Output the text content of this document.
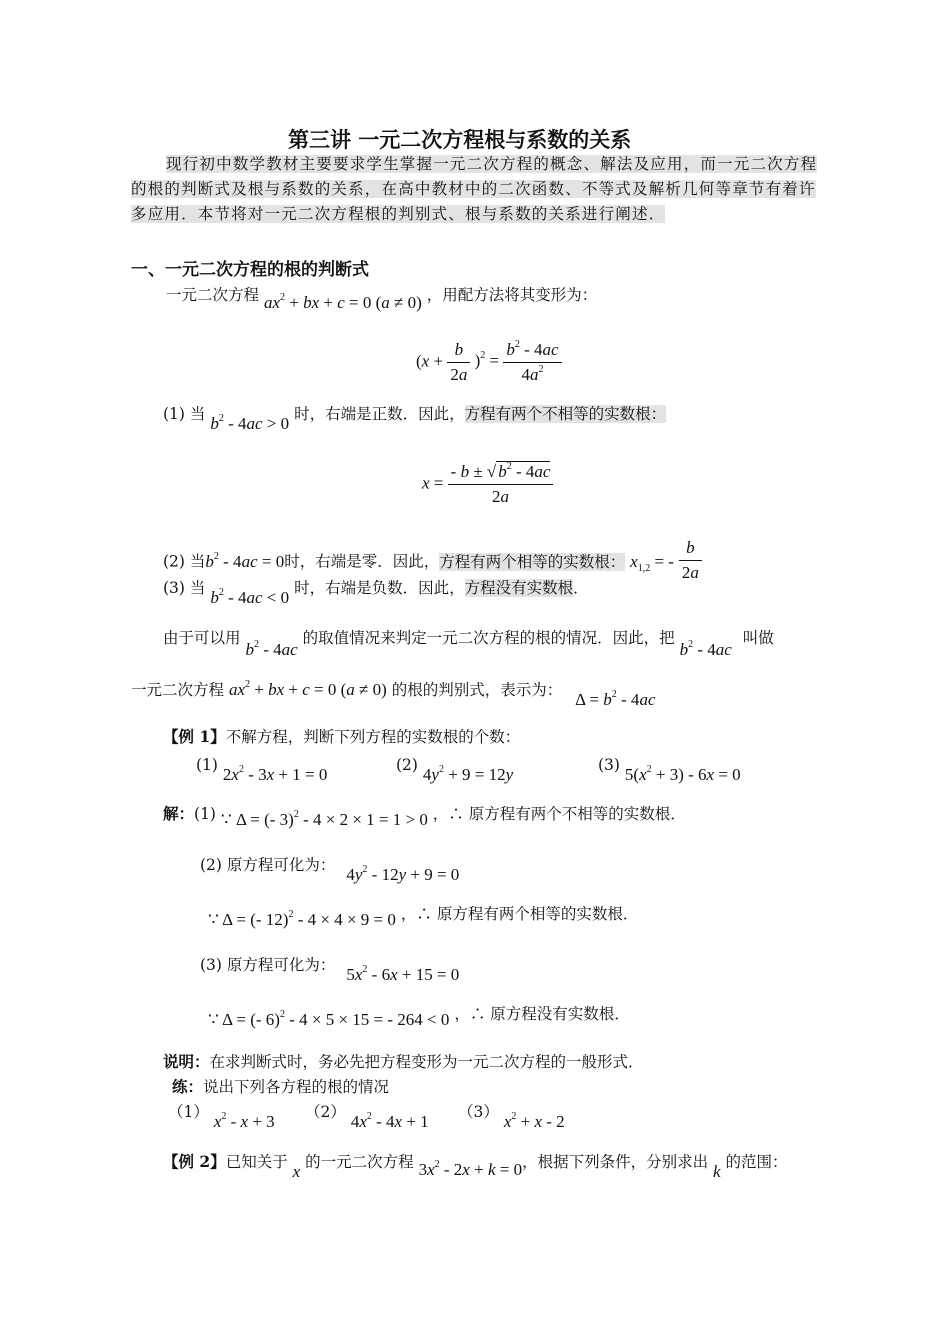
第三讲 一元二次方程根与系数的关系
现行初中数学教材主要要求学生掌握一元二次方程的概念、解法及应用，而一元二次方程
的根的判断式及根与系数的关系，在高中教材中的二次函数、不等式及解析几何等章节有着许
多应用．本节将对一元二次方程根的判别式、根与系数的关系进行阐述．
一、一元二次方程的根的判断式
一元二次方程 $ax^2$ + bx + c = 0 (a ≠ 0) ，用配方法将其变形为：
$(x + \frac{b}{2a} )^2 = \frac{b^2 - 4ac}{4a^2}$
(1) 当 $b^2 - 4ac > 0$ 时，右端是正数．因此，方程有两个不相等的实数根：
$x = \frac{- b \pm √ b^2 - 4ac}{2a}$
(2) 当$b^2 - 4ac = 0$时，右端是零．因此，方程有两个相等的实数根： $x_{1,2}$ = - $\frac{b}{2a}$
(3) 当 $b^2 - 4ac < 0$ 时，右端是负数．因此，方程没有实数根．
由于可以用 $b^2 - 4ac$ 的取值情况来判定一元二次方程的根的情况．因此，把 $b^2 - 4ac$ 叫做
一元二次方程 $ax^2$ + bx + c = 0 (a ≠ 0) 的根的判别式，表示为： $\Delta = b^2 - 4ac$
【例 1】不解方程，判断下列方程的实数根的个数：
(1) $2x^2 - 3x + 1 = 0$	(2) $4y^2 + 9 = 12y$	(3) $5(x^2 + 3) - 6x = 0$
解：(1) ∵ Δ = (- 3)$^2$ - 4 × 2 × 1 = 1 > 0 ，∴ 原方程有两个不相等的实数根．
(2) 原方程可化为： $4y^2 - 12y + 9 = 0$
∵ Δ = (- 12)$^2$ - 4 × 4 × 9 = 0 ，∴ 原方程有两个相等的实数根．
(3) 原方程可化为： $5x^2 - 6x + 15 = 0$
∵ Δ = (- 6)$^2$ - 4 × 5 × 15 = - 264 < 0 ，∴ 原方程没有实数根．
说明：在求判断式时，务必先把方程变形为一元二次方程的一般形式．
练：说出下列各方程的根的情况
（1） $x^2 - x + 3$ （2） $4x^2 - 4x + 1$ （3） $x^2 + x - 2$
【例 2】已知关于 x 的一元二次方程 $3x^2 - 2x + k = 0$，根据下列条件，分别求出 k 的范围：
